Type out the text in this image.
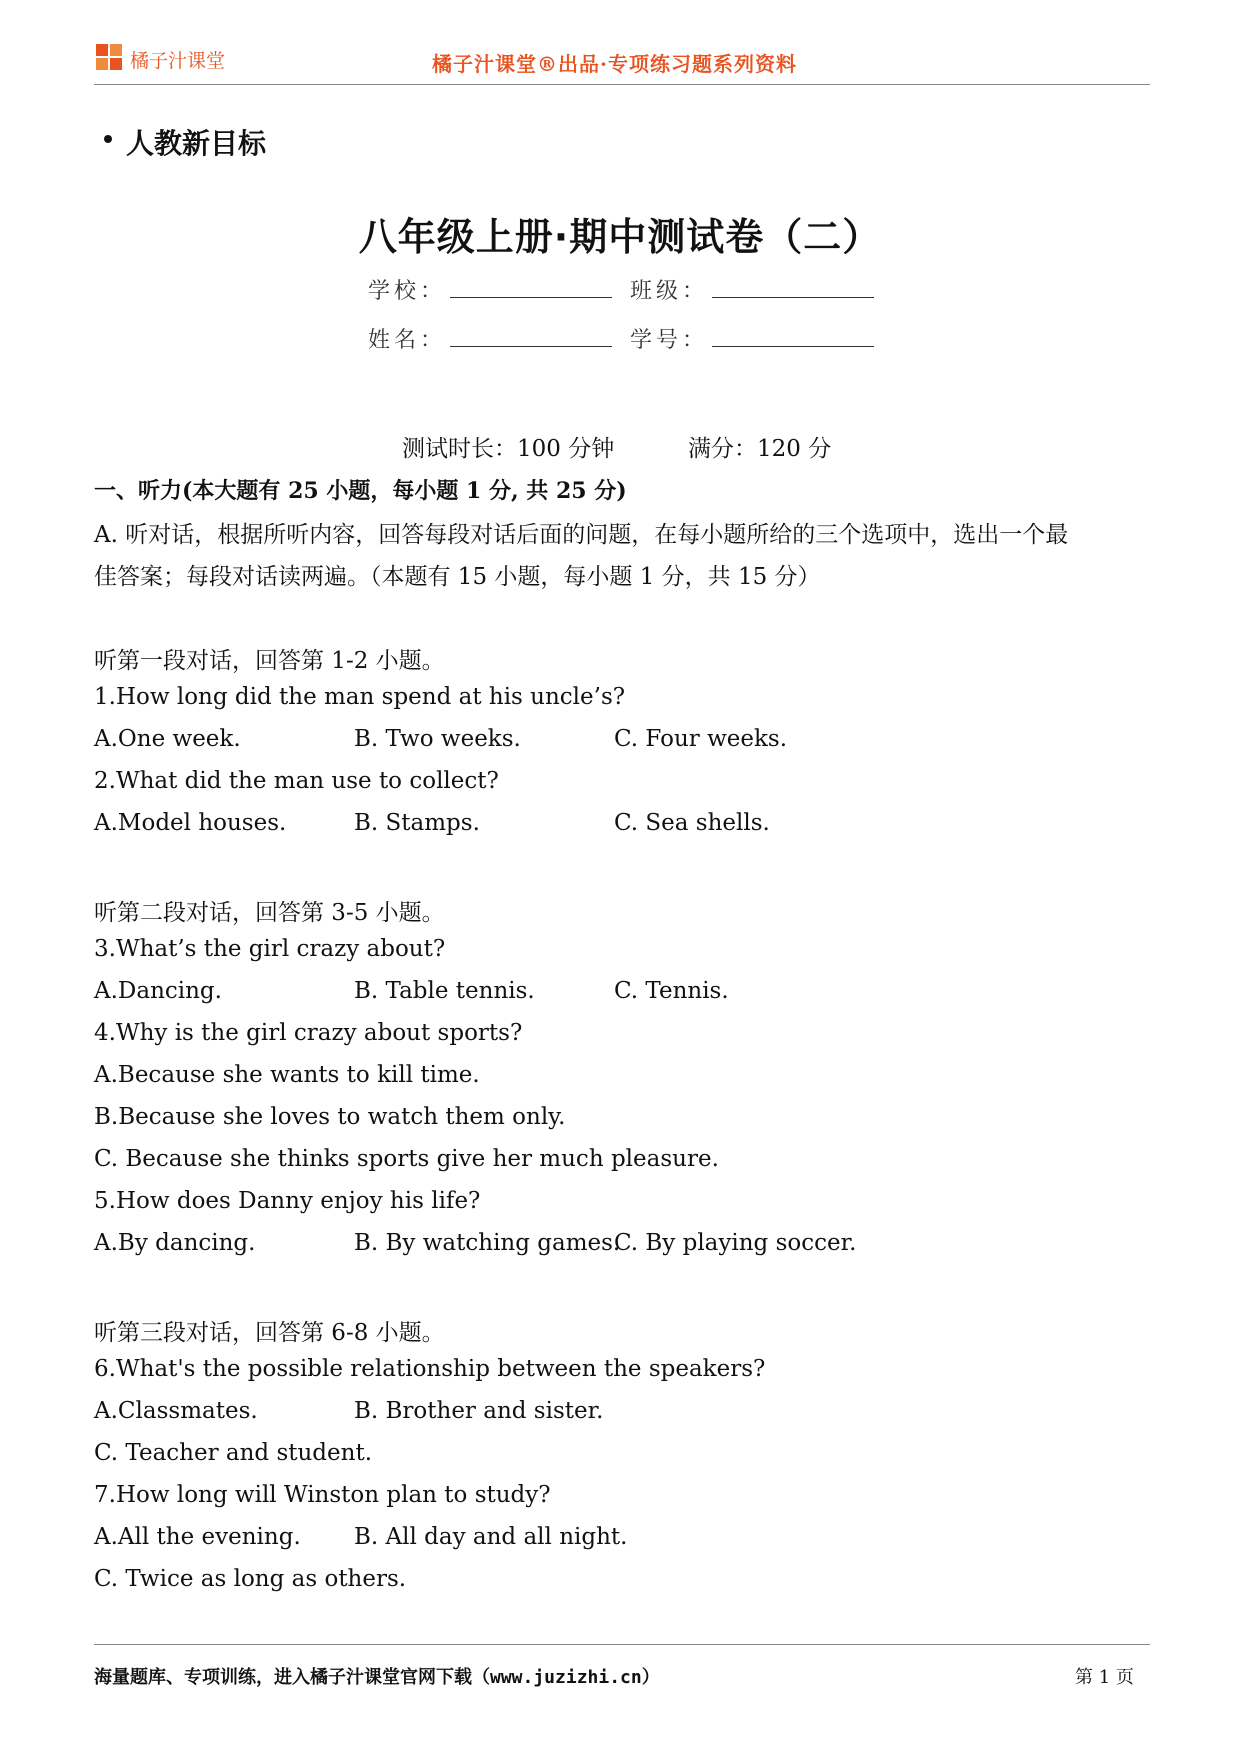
橘子汁课堂	橘子汁课堂®出品·专项练习题系列资料
人教新目标
八年级上册·期中测试卷（二）
学校：	班级：
姓名：	学号：
测试时长：100 分钟	满分：120 分
一、听力(本大题有 25 小题，每小题 1 分, 共 25 分)
A. 听对话，根据所听内容，回答每段对话后面的问题，在每小题所给的三个选项中，选出一个最
佳答案；每段对话读两遍。（本题有 15 小题，每小题 1 分，共 15 分）
听第一段对话，回答第 1-2 小题。
1.How long did the man spend at his uncle’s?
A.One week.	B. Two weeks.	C. Four weeks.
2.What did the man use to collect?
A.Model houses.	B. Stamps.	C. Sea shells.
听第二段对话，回答第 3-5 小题。
3.What’s the girl crazy about?
A.Dancing.	B. Table tennis.	C. Tennis.
4.Why is the girl crazy about sports?
A.Because she wants to kill time.
B.Because she loves to watch them only.
C. Because she thinks sports give her much pleasure.
5.How does Danny enjoy his life?
A.By dancing.	B. By watching games.
C. By playing soccer.
听第三段对话，回答第 6-8 小题。
6.What's the possible relationship between the speakers?
A.Classmates.	B. Brother and sister.
C. Teacher and student.
7.How long will Winston plan to study?
A.All the evening. B. All day and all night.
C. Twice as long as others.
海量题库、专项训练，进入橘子汁课堂官网下载（www.juzizhi.cn）	第 1 页
